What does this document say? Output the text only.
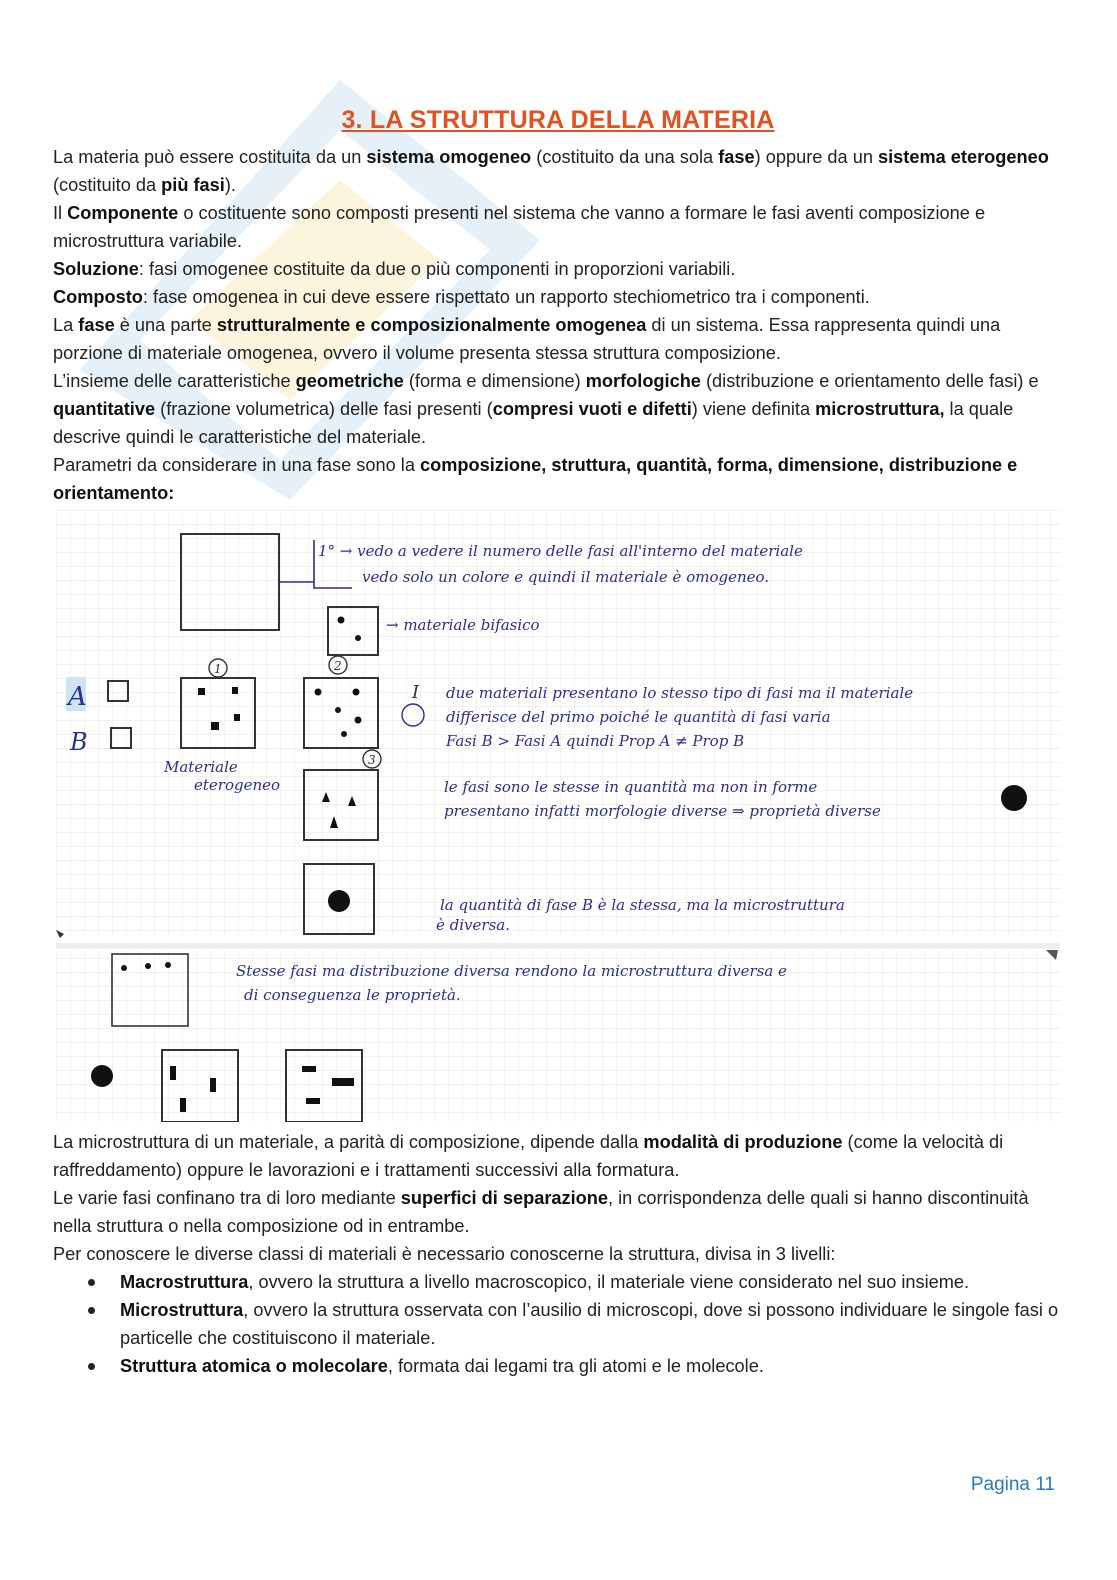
3. LA STRUTTURA DELLA MATERIA

La materia può essere costituita da un sistema omogeneo (costituito da una sola fase) oppure da un sistema eterogeneo (costituito da più fasi).

Il Componente o costituente sono composti presenti nel sistema che vanno a formare le fasi aventi composizione e microstruttura variabile.

Soluzione: fasi omogenee costituite da due o più componenti in proporzioni variabili.

Composto: fase omogenea in cui deve essere rispettato un rapporto stechiometrico tra i componenti.

La fase è una parte strutturalmente e composizionalmente omogenea di un sistema. Essa rappresenta quindi una porzione di materiale omogenea, ovvero il volume presenta stessa struttura composizione.

L’insieme delle caratteristiche geometriche (forma e dimensione) morfologiche (distribuzione e orientamento delle fasi) e quantitative (frazione volumetrica) delle fasi presenti (compresi vuoti e difetti) viene definita microstruttura, la quale descrive quindi le caratteristiche del materiale.

Parametri da considerare in una fase sono la composizione, struttura, quantità, forma, dimensione, distribuzione e orientamento:

La microstruttura di un materiale, a parità di composizione, dipende dalla modalità di produzione (come la velocità di raffreddamento) oppure le lavorazioni e i trattamenti successivi alla formatura.

Le varie fasi confinano tra di loro mediante superfici di separazione, in corrispondenza delle quali si hanno discontinuità nella struttura o nella composizione od in entrambe.

Per conoscere le diverse classi di materiali è necessario conoscerne la struttura, divisa in 3 livelli:

Macrostruttura, ovvero la struttura a livello macroscopico, il materiale viene considerato nel suo insieme.
Microstruttura, ovvero la struttura osservata con l’ausilio di microscopi, dove si possono individuare le singole fasi o particelle che costituiscono il materiale.
Struttura atomica o molecolare, formata dai legami tra gli atomi e le molecole.
1° → vedo a vedere il numero delle fasi all'interno del materiale
vedo solo un colore e quindi il materiale è omogeneo.
→ materiale bifasico
A
B
Materiale
eterogeneo
1	2
I due materiali presentano lo stesso tipo di fasi ma il materiale
differisce del primo poiché le quantità di fasi varia
Fasi B > Fasi A quindi Prop A ≠ Prop B
3
le fasi sono le stesse in quantità ma non in forme
presentano infatti morfologie diverse ⇒ proprietà diverse
la quantità di fase B è la stessa, ma la microstruttura
è diversa.
Stesse fasi ma distribuzione diversa rendono la microstruttura diversa e
di conseguenza le proprietà.
Pagina 11
